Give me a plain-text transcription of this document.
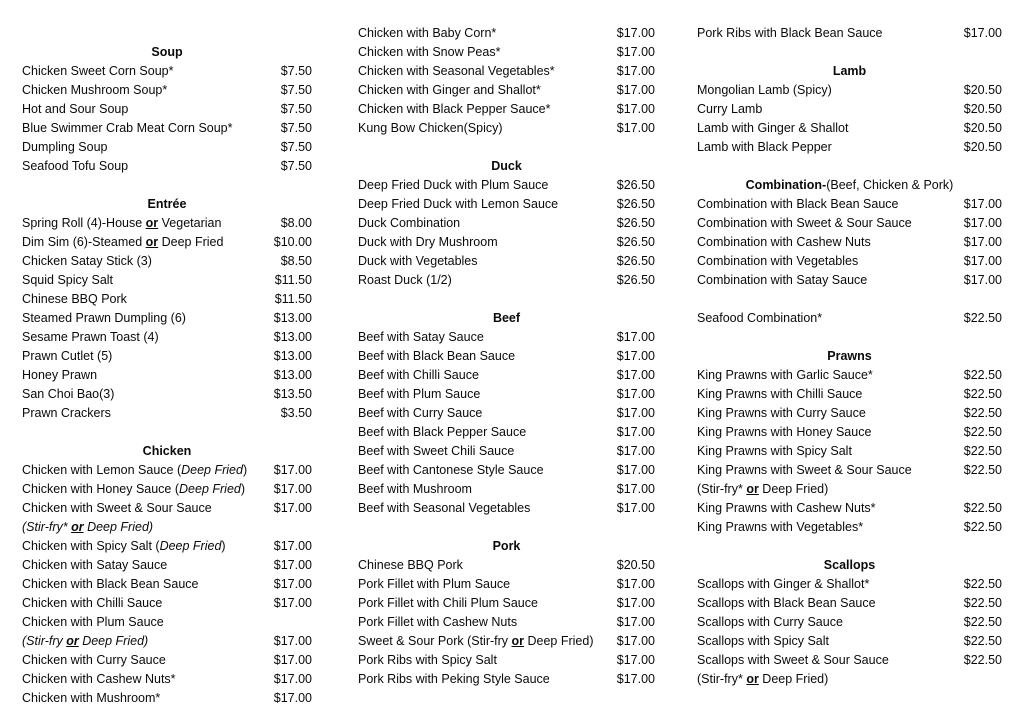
Soup
Chicken Sweet Corn Soup*	$7.50
Chicken Mushroom Soup*	$7.50
Hot and Sour Soup	$7.50
Blue Swimmer Crab Meat Corn Soup*	$7.50
Dumpling Soup	$7.50
Seafood Tofu Soup	$7.50
Entrée
Spring Roll (4)-House or Vegetarian	$8.00
Dim Sim (6)-Steamed or Deep Fried	$10.00
Chicken Satay Stick (3)	$8.50
Squid Spicy Salt	$11.50
Chinese BBQ Pork	$11.50
Steamed Prawn Dumpling (6)	$13.00
Sesame Prawn Toast (4)	$13.00
Prawn Cutlet (5)	$13.00
Honey Prawn	$13.00
San Choi Bao(3)	$13.50
Prawn Crackers	$3.50
Chicken
Chicken with Lemon Sauce (Deep Fried)	$17.00
Chicken with Honey Sauce (Deep Fried)	$17.00
Chicken with Sweet & Sour Sauce	$17.00
(Stir-fry* or Deep Fried)
Chicken with Spicy Salt (Deep Fried)	$17.00
Chicken with Satay Sauce	$17.00
Chicken with Black Bean Sauce	$17.00
Chicken with Chilli Sauce	$17.00
Chicken with Plum Sauce
(Stir-fry or Deep Fried)	$17.00
Chicken with Curry Sauce	$17.00
Chicken with Cashew Nuts*	$17.00
Chicken with Mushroom*	$17.00
Chicken with Baby Corn*	$17.00
Chicken with Snow Peas*	$17.00
Chicken with Seasonal Vegetables*	$17.00
Chicken with Ginger and Shallot*	$17.00
Chicken with Black Pepper Sauce*	$17.00
Kung Bow Chicken(Spicy)	$17.00
Duck
Deep Fried Duck with Plum Sauce	$26.50
Deep Fried Duck with Lemon Sauce	$26.50
Duck Combination	$26.50
Duck with Dry Mushroom	$26.50
Duck with Vegetables	$26.50
Roast Duck (1/2)	$26.50
Beef
Beef with Satay Sauce	$17.00
Beef with Black Bean Sauce	$17.00
Beef with Chilli Sauce	$17.00
Beef with Plum Sauce	$17.00
Beef with Curry Sauce	$17.00
Beef with Black Pepper Sauce	$17.00
Beef with Sweet Chili Sauce	$17.00
Beef with Cantonese Style Sauce	$17.00
Beef with Mushroom	$17.00
Beef with Seasonal Vegetables	$17.00
Pork
Chinese BBQ Pork	$20.50
Pork Fillet with Plum Sauce	$17.00
Pork Fillet with Chili Plum Sauce	$17.00
Pork Fillet with Cashew Nuts	$17.00
Sweet & Sour Pork (Stir-fry or Deep Fried)	$17.00
Pork Ribs with Spicy Salt	$17.00
Pork Ribs with Peking Style Sauce	$17.00
Pork Ribs with Black Bean Sauce	$17.00
Lamb
Mongolian Lamb (Spicy)	$20.50
Curry Lamb	$20.50
Lamb with Ginger & Shallot	$20.50
Lamb with Black Pepper	$20.50
Combination-(Beef, Chicken & Pork)
Combination with Black Bean Sauce	$17.00
Combination with Sweet & Sour Sauce	$17.00
Combination with Cashew Nuts	$17.00
Combination with Vegetables	$17.00
Combination with Satay Sauce	$17.00
Seafood Combination*	$22.50
Prawns
King Prawns with Garlic Sauce*	$22.50
King Prawns with Chilli Sauce	$22.50
King Prawns with Curry Sauce	$22.50
King Prawns with Honey Sauce	$22.50
King Prawns with Spicy Salt	$22.50
King Prawns with Sweet & Sour Sauce	$22.50
(Stir-fry* or Deep Fried)
King Prawns with Cashew Nuts*	$22.50
King Prawns with Vegetables*	$22.50
Scallops
Scallops with Ginger & Shallot*	$22.50
Scallops with Black Bean Sauce	$22.50
Scallops with Curry Sauce	$22.50
Scallops with Spicy Salt	$22.50
Scallops with Sweet & Sour Sauce	$22.50
(Stir-fry* or Deep Fried)
